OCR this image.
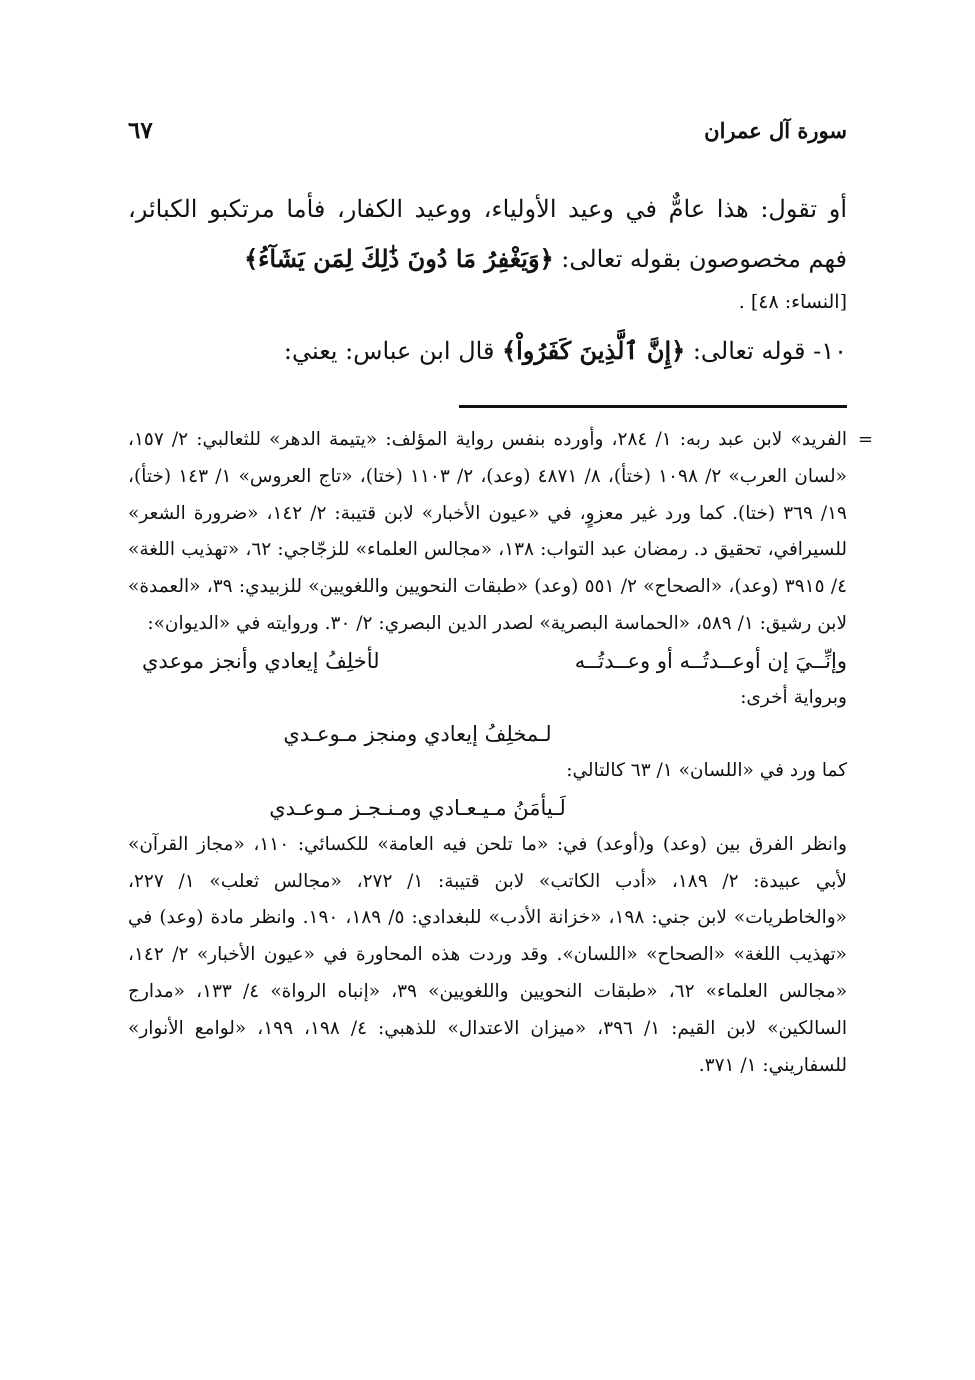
سورة آل عمران
٦٧

أو تقول: هذا عامٌّ في وعيد الأولياء، ووعيد الكفار، فأما مرتكبو الكبائر، فهم مخصوصون بقوله تعالى: ﴿وَيَغْفِرُ مَا دُونَ ذَٰلِكَ لِمَن يَشَآءُ﴾

[النساء: ٤٨] .

١٠- قوله تعالى: ﴿إِنَّ ٱلَّذِينَ كَفَرُواْ﴾ قال ابن عباس: يعني:

=

الفريد» لابن عبد ربه: ١/ ٢٨٤، وأورده بنفس رواية المؤلف: «يتيمة الدهر» للثعالبي: ٢/ ١٥٧، «لسان العرب» ٢/ ١٠٩٨ (ختأ)، ٨/ ٤٨٧١ (وعد)، ٢/ ١١٠٣ (ختا)، «تاج العروس» ١/ ١٤٣ (ختأ)، ١٩/ ٣٦٩ (ختا). كما ورد غير معزوٍ، في «عيون الأخبار» لابن قتيبة: ٢/ ١٤٢، «ضرورة الشعر» للسيرافي، تحقيق د. رمضان عبد التواب: ١٣٨، «مجالس العلماء» للزجّاجي: ٦٢، «تهذيب اللغة» ٤/ ٣٩١٥ (وعد)، «الصحاح» ٢/ ٥٥١ (وعد) «طبقات النحويين واللغويين» للزبيدي: ٣٩، «العمدة» لابن رشيق: ١/ ٥٨٩، «الحماسة البصرية» لصدر الدين البصري: ٢/ ٣٠. وروايته في «الديوان»:

وإنِّــيَ إن أوعــدتُــه أو وعــدتُــه
لأخلِفُ إيعادي وأنجز موعدي

وبرواية أخرى:

لـمخلِفُ إيعادي ومنجز مـوعـدي

كما ورد في «اللسان» ١/ ٦٣ كالتالي:

لَـيأمَنُ مـيـعـادي ومـنـجـز مـوعـدي

وانظر الفرق بين (وعد) و(أوعد) في: «ما تلحن فيه العامة» للكسائي: ١١٠، «مجاز القرآن» لأبي عبيدة: ٢/ ١٨٩، «أدب الكاتب» لابن قتيبة: ١/ ٢٧٢، «مجالس ثعلب» ١/ ٢٢٧، «والخاطريات» لابن جني: ١٩٨، «خزانة الأدب» للبغدادي: ٥/ ١٨٩، ١٩٠. وانظر مادة (وعد) في «تهذيب اللغة» «الصحاح» «اللسان». وقد وردت هذه المحاورة في «عيون الأخبار» ٢/ ١٤٢، «مجالس العلماء» ٦٢، «طبقات النحويين واللغويين» ٣٩، «إنباه الرواة» ٤/ ١٣٣، «مدارج السالكين» لابن القيم: ١/ ٣٩٦، «ميزان الاعتدال» للذهبي: ٤/ ١٩٨، ١٩٩، «لوامع الأنوار» للسفاريني: ١/ ٣٧١.
